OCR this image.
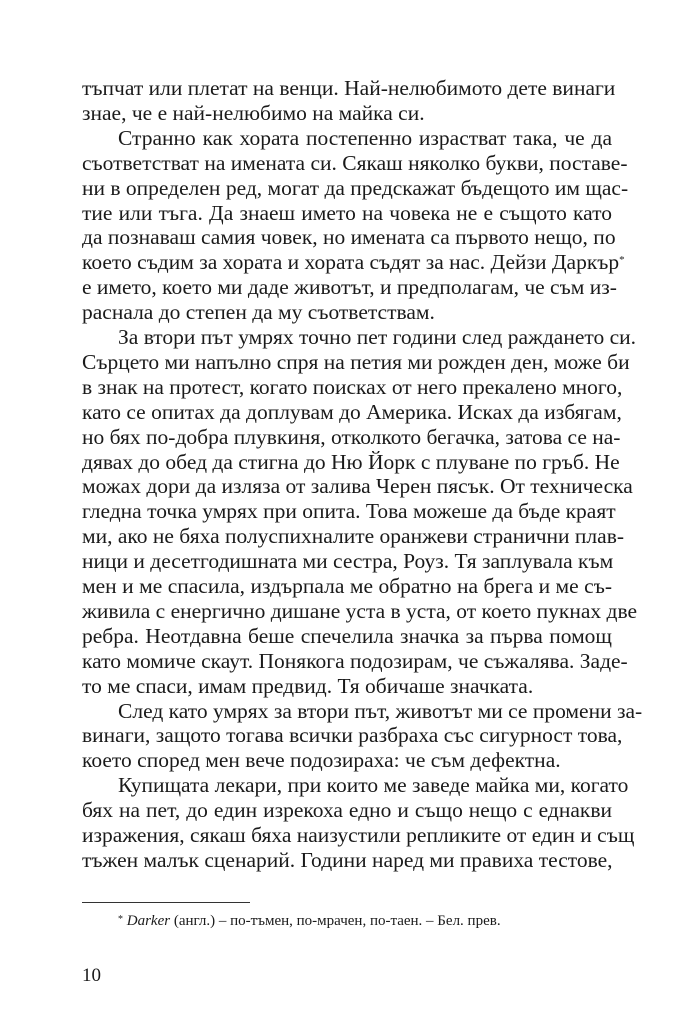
тъпчат или плетат на венци. Най-нелюбимото дете винаги
знае, че е най-нелюбимо на майка си.
Странно как хората постепенно израстват така, че да
съответстват на имената си. Сякаш няколко букви, поставе-
ни в определен ред, могат да предскажат бъдещото им щас-
тие или тъга. Да знаеш името на човека не е същото като
да познаваш самия човек, но имената са първото нещо, по
което съдим за хората и хората съдят за нас. Дейзи Даркър*
е името, което ми даде животът, и предполагам, че съм из-
раснала до степен да му съответствам.
За втори път умрях точно пет години след раждането си.
Сърцето ми напълно спря на петия ми рожден ден, може би
в знак на протест, когато поисках от него прекалено много,
като се опитах да доплувам до Америка. Исках да избягам,
но бях по-добра плувкиня, отколкото бегачка, затова се на-
дявах до обед да стигна до Ню Йорк с плуване по гръб. Не
можах дори да изляза от залива Черен пясък. От техническа
гледна точка умрях при опита. Това можеше да бъде краят
ми, ако не бяха полуспихналите оранжеви странични плав-
ници и десетгодишната ми сестра, Роуз. Тя заплувала към
мен и ме спасила, издърпала ме обратно на брега и ме съ-
живила с енергично дишане уста в уста, от което пукнах две
ребра. Неотдавна беше спечелила значка за първа помощ
като момиче скаут. Понякога подозирам, че съжалява. Заде-
то ме спаси, имам предвид. Тя обичаше значката.
След като умрях за втори път, животът ми се промени за-
винаги, защото тогава всички разбраха със сигурност това,
което според мен вече подозираха: че съм дефектна.
Купищата лекари, при които ме заведе майка ми, когато
бях на пет, до един изрекоха едно и също нещо с еднакви
изражения, сякаш бяха наизустили репликите от един и същ
тъжен малък сценарий. Години наред ми правиха тестове,
* Darker (англ.) – по-тъмен, по-мрачен, по-таен. – Бел. прев.
10
